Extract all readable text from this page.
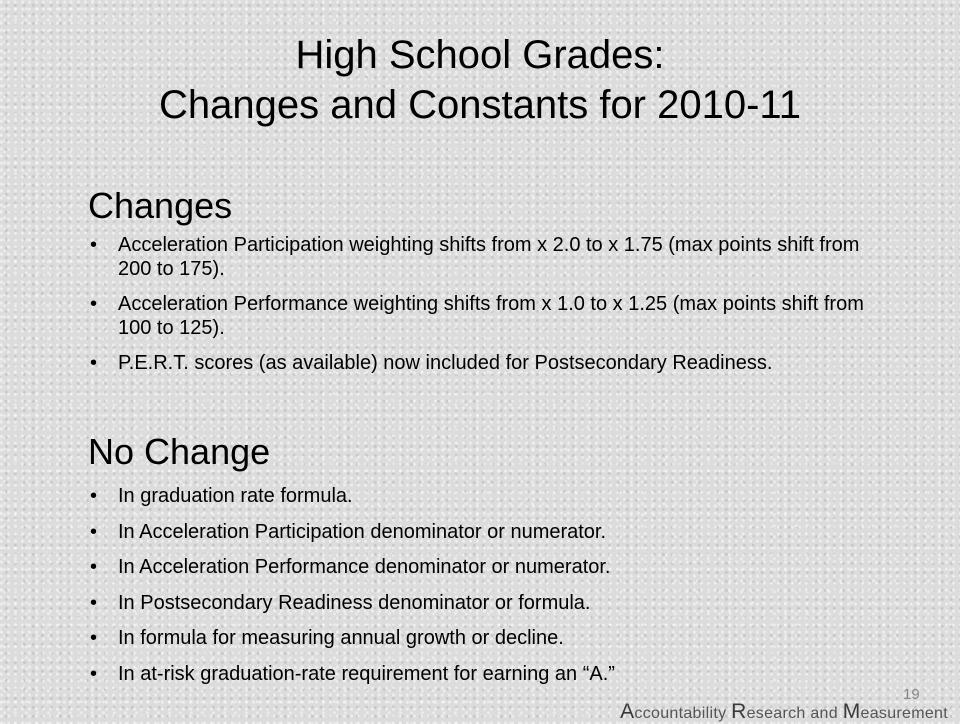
High School Grades:
Changes and Constants for 2010-11
Changes
• Acceleration Participation weighting shifts from x 2.0 to x 1.75 (max points shift from 200 to 175).
• Acceleration Performance weighting shifts from x 1.0 to x 1.25 (max points shift from 100 to 125).
• P.E.R.T. scores (as available) now included for Postsecondary Readiness.
No Change
• In graduation rate formula.
• In Acceleration Participation denominator or numerator.
• In Acceleration Performance denominator or numerator.
• In Postsecondary Readiness denominator or formula.
• In formula for measuring annual growth or decline.
• In at-risk graduation-rate requirement for earning an “A.”
19
Accountability Research and Measurement
